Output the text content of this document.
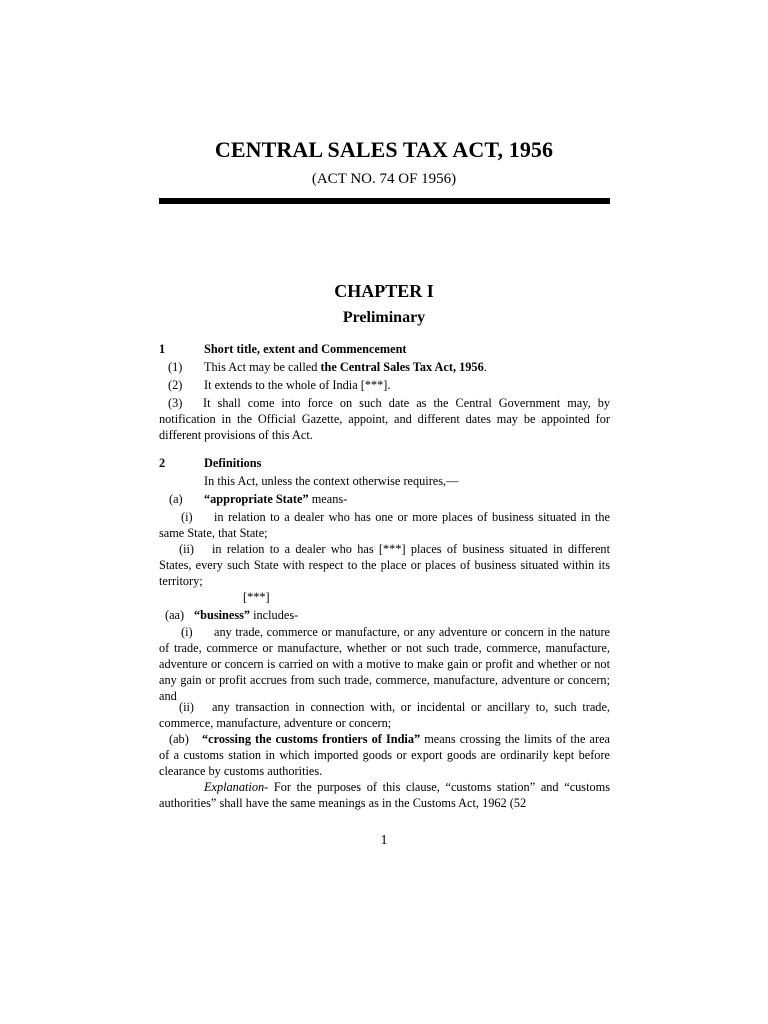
CENTRAL SALES TAX ACT, 1956

(ACT NO. 74 OF 1956)

CHAPTER I

Preliminary

1	Short title, extent and Commencement
(1) This Act may be called the Central Sales Tax Act, 1956.
(2) It extends to the whole of India [***].
(3) It shall come into force on such date as the Central Government may, by notification in the Official Gazette, appoint, and different dates may be appointed for different provisions of this Act.
2	Definitions
In this Act, unless the context otherwise requires,—
(a) “appropriate State” means-
(i) in relation to a dealer who has one or more places of business situated in the same State, that State;
(ii) in relation to a dealer who has [***] places of business situated in different States, every such State with respect to the place or places of business situated within its territory;
[***]
(aa) “business” includes-
(i) any trade, commerce or manufacture, or any adventure or concern in the nature of trade, commerce or manufacture, whether or not such trade, commerce, manufacture, adventure or concern is carried on with a motive to make gain or profit and whether or not any gain or profit accrues from such trade, commerce, manufacture, adventure or concern; and
(ii) any transaction in connection with, or incidental or ancillary to, such trade, commerce, manufacture, adventure or concern;
(ab) “crossing the customs frontiers of India” means crossing the limits of the area of a customs station in which imported goods or export goods are ordinarily kept before clearance by customs authorities.
Explanation- For the purposes of this clause, “customs station” and “customs authorities” shall have the same meanings as in the Customs Act, 1962 (52

1
